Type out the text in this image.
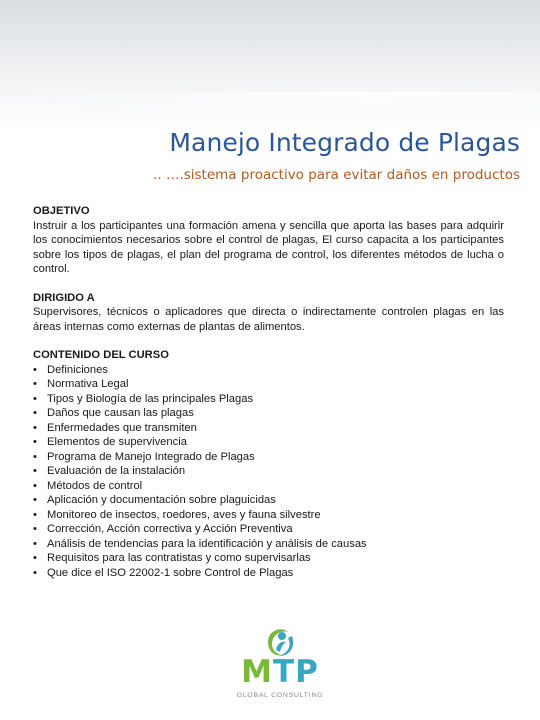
Manejo Integrado de Plagas

.. ….sistema proactivo para evitar daños en productos

OBJETIVO

Instruir a los participantes una formación amena y sencilla que aporta las bases para adquirir los conocimientos necesarios sobre el control de plagas, El curso capacita a los participantes sobre los tipos de plagas, el plan del programa de control, los diferentes métodos de lucha o control.

DIRIGIDO A

Supervisores, técnicos o aplicadores que directa o indirectamente controlen plagas en las áreas internas como externas de plantas de alimentos.

CONTENIDO DEL CURSO

• Definiciones
• Normativa Legal
• Tipos y Biología de las principales Plagas
• Daños que causan las plagas
• Enfermedades que transmiten
• Elementos de supervivencia
• Programa de Manejo Integrado de Plagas
• Evaluación de la instalación
• Métodos de control
• Aplicación y documentación sobre plaguicidas
• Monitoreo de insectos, roedores, aves y fauna silvestre
• Corrección, Acción correctiva y Acción Preventiva
• Análisis de tendencias para la identificación y análisis de causas
• Requisitos para las contratistas y como supervisarlas
• Que dice el ISO 22002-1 sobre Control de Plagas
MTP
GLOBAL CONSULTING
